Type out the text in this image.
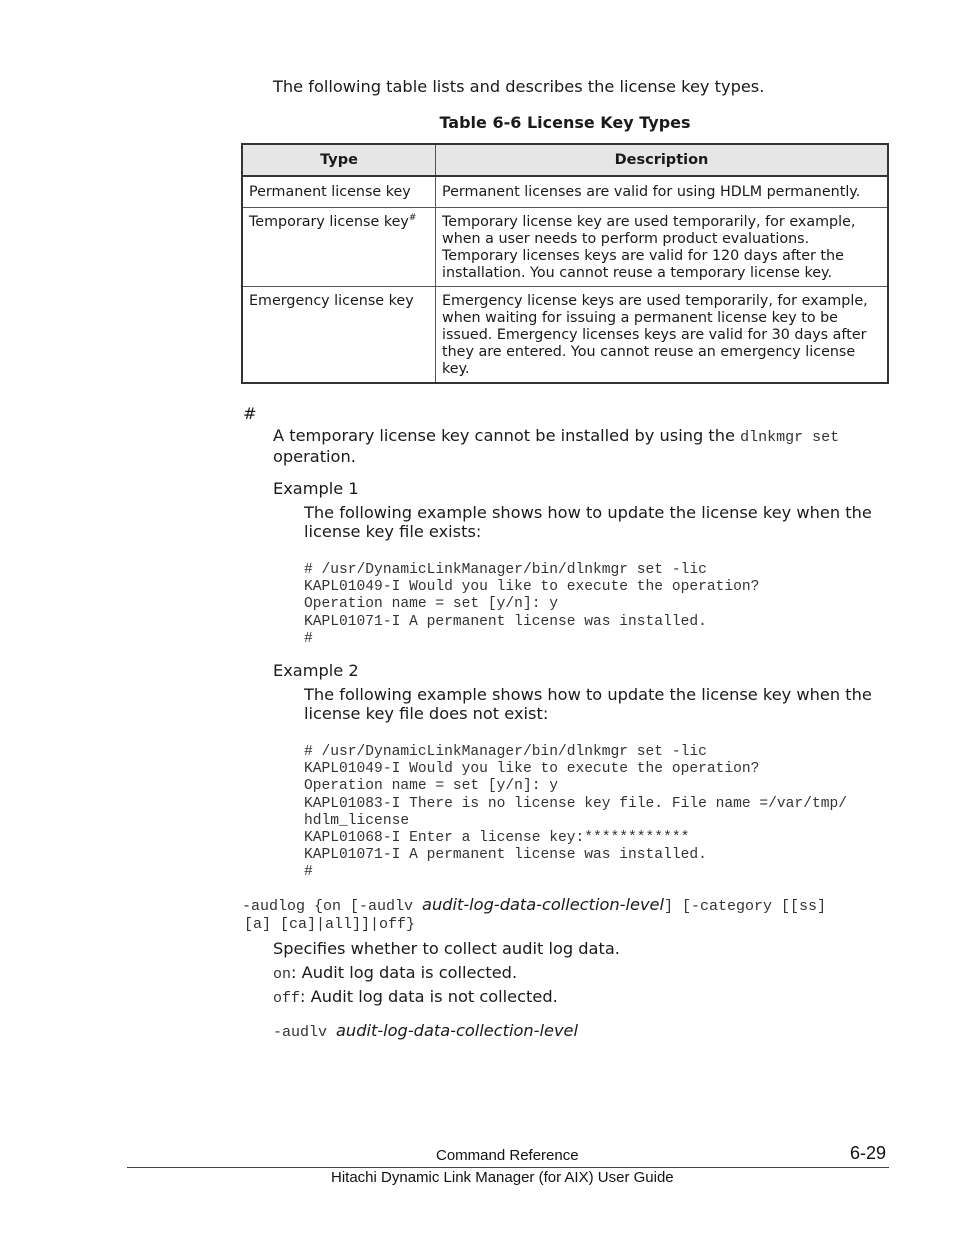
The following table lists and describes the license key types.
Table 6-6 License Key Types
Type	Description
Permanent license key	Permanent licenses are valid for using HDLM permanently.
Temporary license key#	Temporary license key are used temporarily, for example, when a user needs to perform product evaluations. Temporary licenses keys are valid for 120 days after the installation. You cannot reuse a temporary license key.
Emergency license key	Emergency license keys are used temporarily, for example, when waiting for issuing a permanent license key to be issued. Emergency licenses keys are valid for 30 days after they are entered. You cannot reuse an emergency license key.
#
A temporary license key cannot be installed by using the dlnkmgr set
operation.
Example 1
The following example shows how to update the license key when the license key file exists:
# /usr/DynamicLinkManager/bin/dlnkmgr set -lic
KAPL01049-I Would you like to execute the operation?
Operation name = set [y/n]: y
KAPL01071-I A permanent license was installed.
#
Example 2
The following example shows how to update the license key when the license key file does not exist:
# /usr/DynamicLinkManager/bin/dlnkmgr set -lic
KAPL01049-I Would you like to execute the operation?
Operation name = set [y/n]: y
KAPL01083-I There is no license key file. File name =/var/tmp/
hdlm_license
KAPL01068-I Enter a license key:************
KAPL01071-I A permanent license was installed.
#
-audlog {on [-audlv audit-log-data-collection-level] [-category [[ss]
[a] [ca]|all]]|off}
Specifies whether to collect audit log data.
on: Audit log data is collected.
off: Audit log data is not collected.
-audlv audit-log-data-collection-level
Command Reference	6-29
Hitachi Dynamic Link Manager (for AIX) User Guide
